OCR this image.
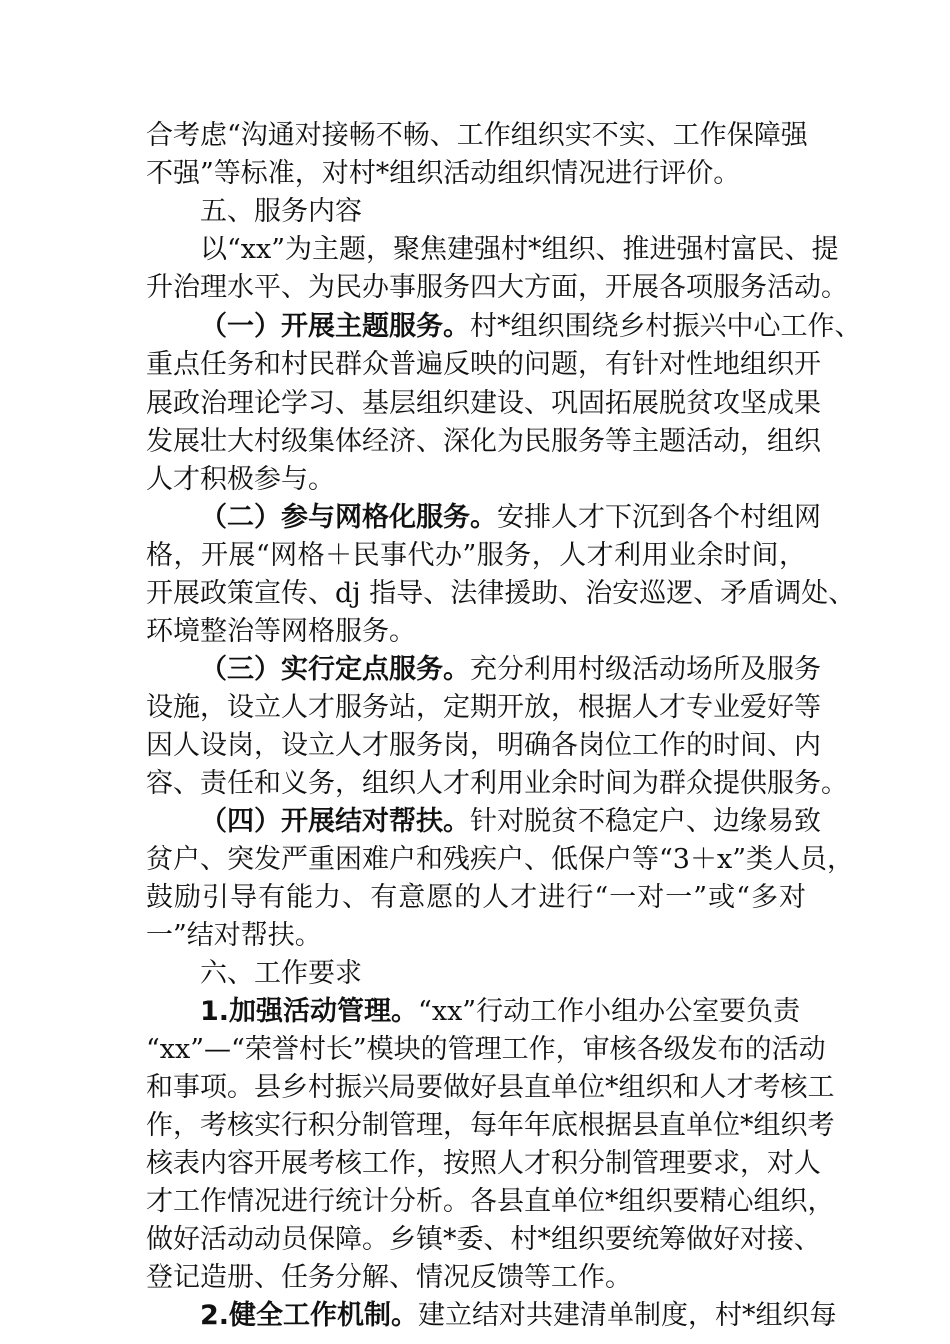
合考虑“沟通对接畅不畅、工作组织实不实、工作保障强
不强”等标准，对村*组织活动组织情况进行评价。
五、服务内容
以“xx”为主题，聚焦建强村*组织、推进强村富民、提
升治理水平、为民办事服务四大方面，开展各项服务活动。
（一）开展主题服务。村*组织围绕乡村振兴中心工作、
重点任务和村民群众普遍反映的问题，有针对性地组织开
展政治理论学习、基层组织建设、巩固拓展脱贫攻坚成果
发展壮大村级集体经济、深化为民服务等主题活动，组织
人才积极参与。
（二）参与网格化服务。安排人才下沉到各个村组网
格，开展“网格＋民事代办”服务，人才利用业余时间，
开展政策宣传、dj 指导、法律援助、治安巡逻、矛盾调处、
环境整治等网格服务。
（三）实行定点服务。充分利用村级活动场所及服务
设施，设立人才服务站，定期开放，根据人才专业爱好等
因人设岗，设立人才服务岗，明确各岗位工作的时间、内
容、责任和义务，组织人才利用业余时间为群众提供服务。
（四）开展结对帮扶。针对脱贫不稳定户、边缘易致
贫户、突发严重困难户和残疾户、低保户等“3＋x”类人员，
鼓励引导有能力、有意愿的人才进行“一对一”或“多对
一”结对帮扶。
六、工作要求
1.加强活动管理。“xx”行动工作小组办公室要负责
“xx”—“荣誉村长”模块的管理工作，审核各级发布的活动
和事项。县乡村振兴局要做好县直单位*组织和人才考核工
作，考核实行积分制管理，每年年底根据县直单位*组织考
核表内容开展考核工作，按照人才积分制管理要求，对人
才工作情况进行统计分析。各县直单位*组织要精心组织，
做好活动动员保障。乡镇*委、村*组织要统筹做好对接、
登记造册、任务分解、情况反馈等工作。
2.健全工作机制。建立结对共建清单制度，村*组织每
